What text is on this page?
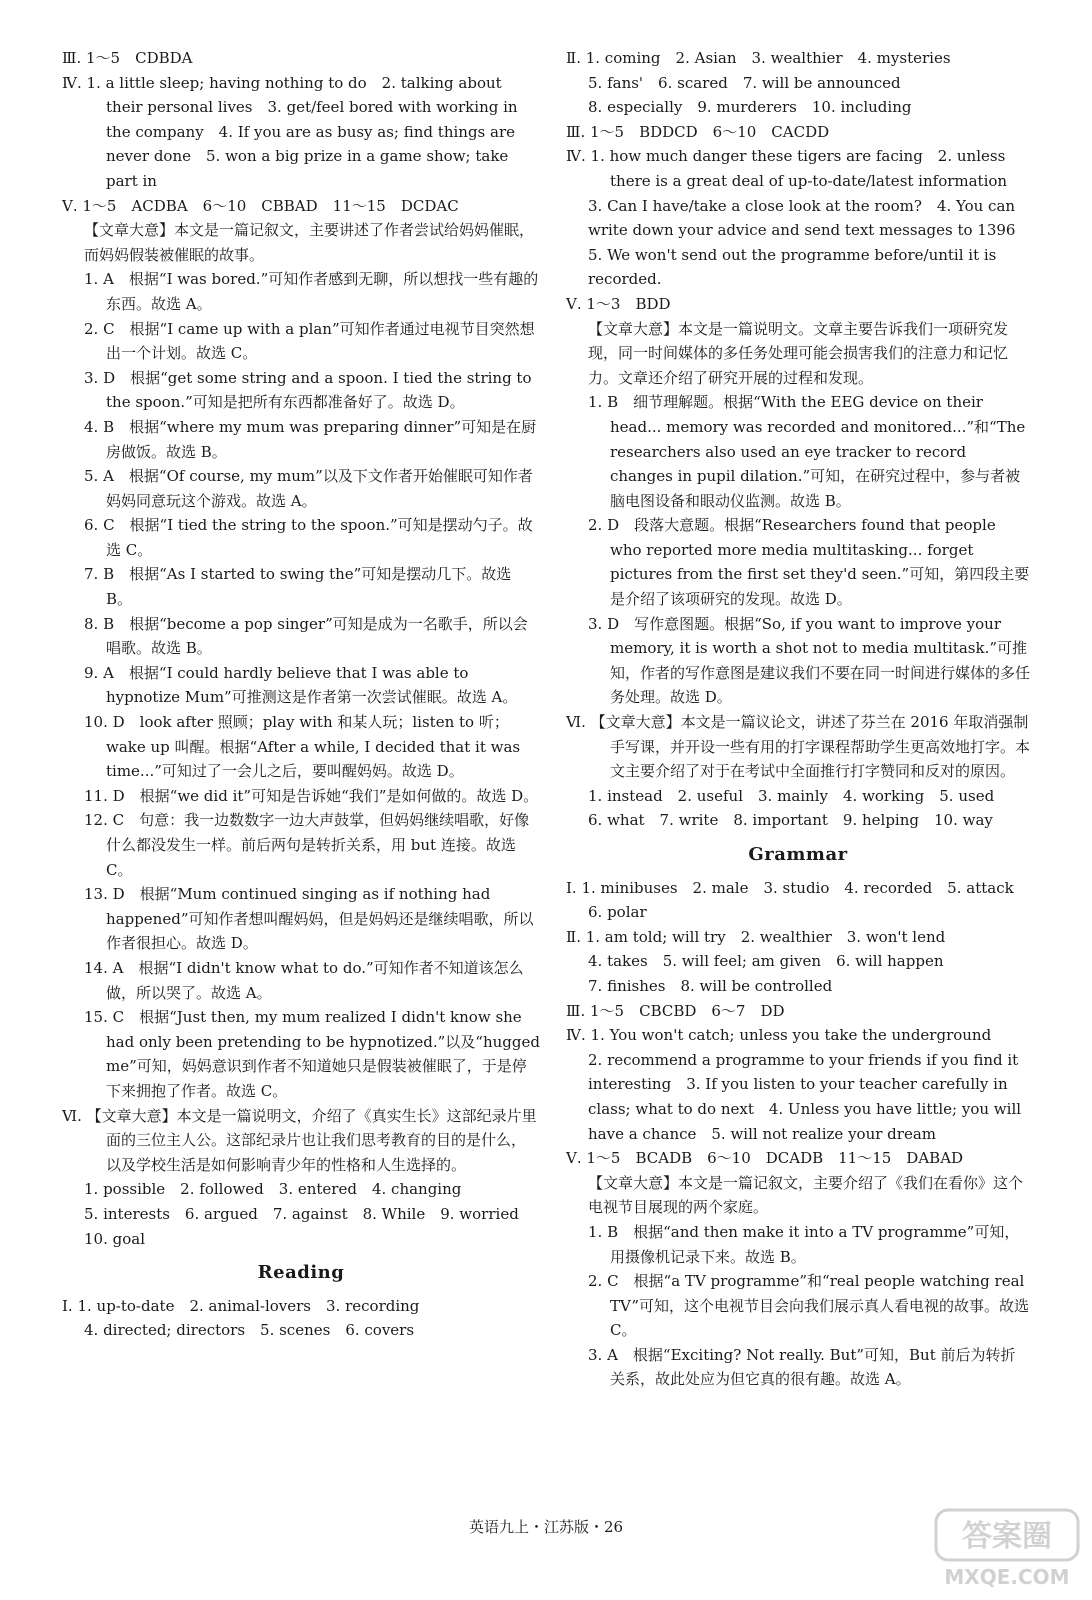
Ⅲ. 1～5　CDBDA
Ⅳ. 1. a little sleep; having nothing to do　2. talking about their personal lives　3. get/feel bored with working in the company　4. If you are as busy as; find things are never done　5. won a big prize in a game show; take part in
Ⅴ. 1～5　ACDBA　6～10　CBBAD　11～15　DCDAC
【文章大意】本文是一篇记叙文，主要讲述了作者尝试给妈妈催眠，而妈妈假装被催眠的故事。
1. A　根据“I was bored.”可知作者感到无聊，所以想找一些有趣的东西。故选 A。
2. C　根据“I came up with a plan”可知作者通过电视节目突然想出一个计划。故选 C。
3. D　根据“get some string and a spoon. I tied the string to the spoon.”可知是把所有东西都准备好了。故选 D。
4. B　根据“where my mum was preparing dinner”可知是在厨房做饭。故选 B。
5. A　根据“Of course, my mum”以及下文作者开始催眠可知作者妈妈同意玩这个游戏。故选 A。
6. C　根据“I tied the string to the spoon.”可知是摆动勺子。故选 C。
7. B　根据“As I started to swing the”可知是摆动几下。故选 B。
8. B　根据“become a pop singer”可知是成为一名歌手，所以会唱歌。故选 B。
9. A　根据“I could hardly believe that I was able to hypnotize Mum”可推测这是作者第一次尝试催眠。故选 A。
10. D　look after 照顾；play with 和某人玩；listen to 听；wake up 叫醒。根据“After a while, I decided that it was time...”可知过了一会儿之后，要叫醒妈妈。故选 D。
11. D　根据“we did it”可知是告诉她“我们”是如何做的。故选 D。
12. C　句意：我一边数数字一边大声鼓掌，但妈妈继续唱歌，好像什么都没发生一样。前后两句是转折关系，用 but 连接。故选 C。
13. D　根据“Mum continued singing as if nothing had happened”可知作者想叫醒妈妈，但是妈妈还是继续唱歌，所以作者很担心。故选 D。
14. A　根据“I didn't know what to do.”可知作者不知道该怎么做，所以哭了。故选 A。
15. C　根据“Just then, my mum realized I didn't know she had only been pretending to be hypnotized.”以及“hugged me”可知，妈妈意识到作者不知道她只是假装被催眠了，于是停下来拥抱了作者。故选 C。
Ⅵ. 【文章大意】本文是一篇说明文，介绍了《真实生长》这部纪录片里面的三位主人公。这部纪录片也让我们思考教育的目的是什么，以及学校生活是如何影响青少年的性格和人生选择的。
1. possible　2. followed　3. entered　4. changing
5. interests　6. argued　7. against　8. While　9. worried
10. goal
Reading
Ⅰ. 1. up-to-date　2. animal-lovers　3. recording
4. directed; directors　5. scenes　6. covers
Ⅱ. 1. coming　2. Asian　3. wealthier　4. mysteries
5. fans'　6. scared　7. will be announced
8. especially　9. murderers　10. including
Ⅲ. 1～5　BDDCD　6～10　CACDD
Ⅳ. 1. how much danger these tigers are facing　2. unless there is a great deal of up-to-date/latest information
3. Can I have/take a close look at the room?　4. You can write down your advice and send text messages to 1396　5. We won't send out the programme before/until it is recorded.
Ⅴ. 1～3　BDD
【文章大意】本文是一篇说明文。文章主要告诉我们一项研究发现，同一时间媒体的多任务处理可能会损害我们的注意力和记忆力。文章还介绍了研究开展的过程和发现。
1. B　细节理解题。根据“With the EEG device on their head... memory was recorded and monitored...”和“The researchers also used an eye tracker to record changes in pupil dilation.”可知，在研究过程中，参与者被脑电图设备和眼动仪监测。故选 B。
2. D　段落大意题。根据“Researchers found that people who reported more media multitasking... forget pictures from the first set they'd seen.”可知，第四段主要是介绍了该项研究的发现。故选 D。
3. D　写作意图题。根据“So, if you want to improve your memory, it is worth a shot not to media multitask.”可推知，作者的写作意图是建议我们不要在同一时间进行媒体的多任务处理。故选 D。
Ⅵ. 【文章大意】本文是一篇议论文，讲述了芬兰在 2016 年取消强制手写课，并开设一些有用的打字课程帮助学生更高效地打字。本文主要介绍了对于在考试中全面推行打字赞同和反对的原因。
1. instead　2. useful　3. mainly　4. working　5. used
6. what　7. write　8. important　9. helping　10. way
Grammar
Ⅰ. 1. minibuses　2. male　3. studio　4. recorded　5. attack
6. polar
Ⅱ. 1. am told; will try　2. wealthier　3. won't lend
4. takes　5. will feel; am given　6. will happen
7. finishes　8. will be controlled
Ⅲ. 1～5　CBCBD　6～7　DD
Ⅳ. 1. You won't catch; unless you take the underground
2. recommend a programme to your friends if you find it interesting　3. If you listen to your teacher carefully in class; what to do next　4. Unless you have little; you will have a chance　5. will not realize your dream
Ⅴ. 1～5　BCADB　6～10　DCADB　11～15　DABAD
【文章大意】本文是一篇记叙文，主要介绍了《我们在看你》这个电视节目展现的两个家庭。
1. B　根据“and then make it into a TV programme”可知，用摄像机记录下来。故选 B。
2. C　根据“a TV programme”和“real people watching real TV”可知，这个电视节目会向我们展示真人看电视的故事。故选 C。
3. A　根据“Exciting? Not really. But”可知，But 前后为转折关系，故此处应为但它真的很有趣。故选 A。
英语九上・江苏版・26	答案圈
MXQE.COM
